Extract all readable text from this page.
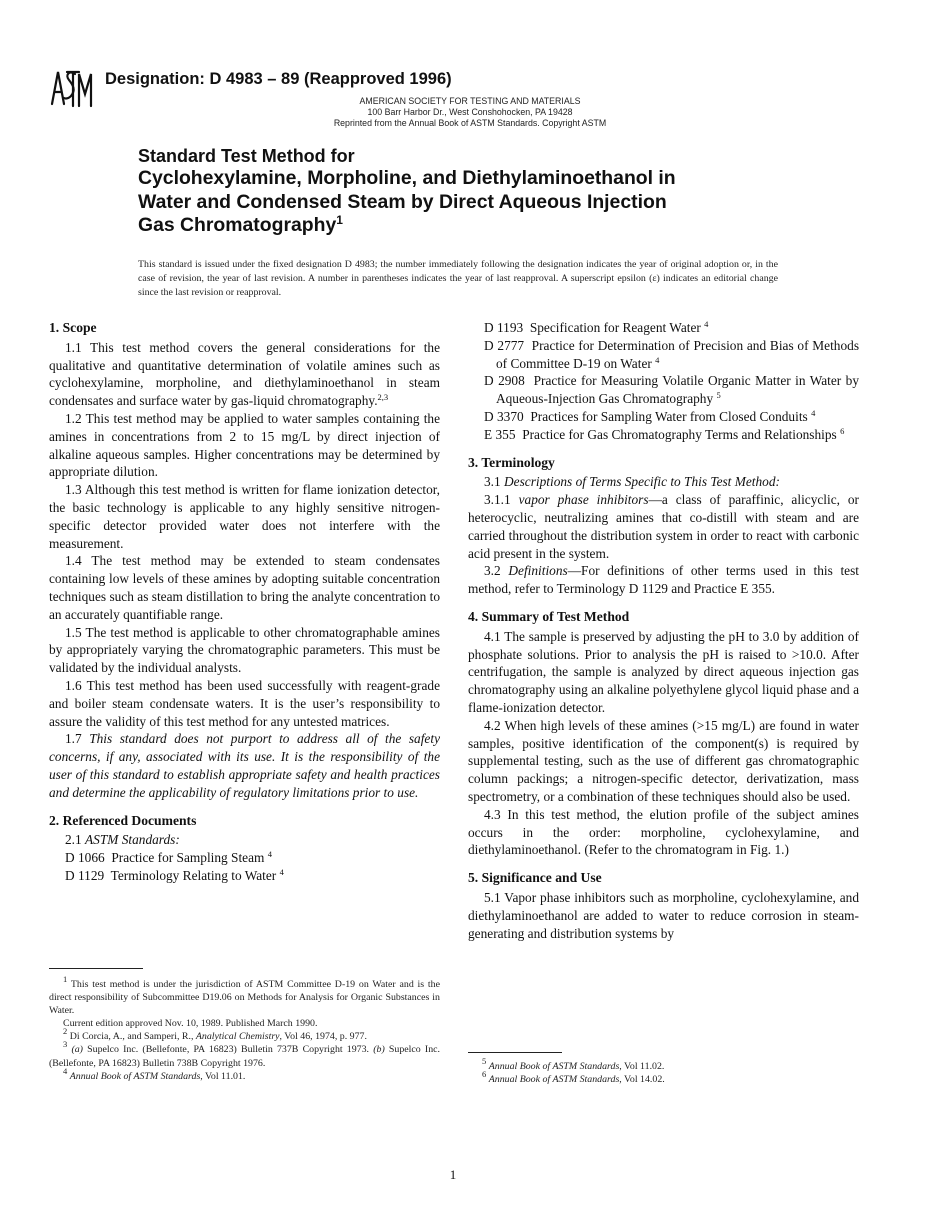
Designation: D 4983 – 89 (Reapproved 1996)
AMERICAN SOCIETY FOR TESTING AND MATERIALS
100 Barr Harbor Dr., West Conshohocken, PA 19428
Reprinted from the Annual Book of ASTM Standards. Copyright ASTM
Standard Test Method for
Cyclohexylamine, Morpholine, and Diethylaminoethanol in
Water and Condensed Steam by Direct Aqueous Injection
Gas Chromatography$^1$
This standard is issued under the fixed designation D 4983; the number immediately following the designation indicates the year of original adoption or, in the case of revision, the year of last revision. A number in parentheses indicates the year of last reapproval. A superscript epsilon (ε) indicates an editorial change since the last revision or reapproval.
1. Scope

1.1 This test method covers the general considerations for the qualitative and quantitative determination of volatile amines such as cyclohexylamine, morpholine, and diethylaminoethanol in steam condensates and surface water by gas-liquid chromatography.$^{2,3}$

1.2 This test method may be applied to water samples containing the amines in concentrations from 2 to 15 mg/L by direct injection of alkaline aqueous samples. Higher concentrations may be determined by appropriate dilution.

1.3 Although this test method is written for flame ionization detector, the basic technology is applicable to any highly sensitive nitrogen-specific detector provided water does not interfere with the measurement.

1.4 The test method may be extended to steam condensates containing low levels of these amines by adopting suitable concentration techniques such as steam distillation to bring the analyte concentration to an accurately quantifiable range.

1.5 The test method is applicable to other chromatographable amines by appropriately varying the chromatographic parameters. This must be validated by the individual analysts.

1.6 This test method has been used successfully with reagent-grade and boiler steam condensate waters. It is the user’s responsibility to assure the validity of this test method for any untested matrices.

1.7 This standard does not purport to address all of the safety concerns, if any, associated with its use. It is the responsibility of the user of this standard to establish appropriate safety and health practices and determine the applicability of regulatory limitations prior to use.

2. Referenced Documents

2.1 ASTM Standards:

D 1066 Practice for Sampling Steam $^4$
D 1129 Terminology Relating to Water $^4$

$^1$ This test method is under the jurisdiction of ASTM Committee D-19 on Water and is the direct responsibility of Subcommittee D19.06 on Methods for Analysis for Organic Substances in Water.

Current edition approved Nov. 10, 1989. Published March 1990.

$^2$ Di Corcia, A., and Samperi, R., Analytical Chemistry, Vol 46, 1974, p. 977.

$^3$ (a) Supelco Inc. (Bellefonte, PA 16823) Bulletin 737B Copyright 1973. (b) Supelco Inc. (Bellefonte, PA 16823) Bulletin 738B Copyright 1976.

$^4$ Annual Book of ASTM Standards, Vol 11.01.

D 1193 Specification for Reagent Water $^4$
D 2777 Practice for Determination of Precision and Bias of Methods of Committee D-19 on Water $^4$
D 2908 Practice for Measuring Volatile Organic Matter in Water by Aqueous-Injection Gas Chromatography $^5$
D 3370 Practices for Sampling Water from Closed Conduits $^4$
E 355 Practice for Gas Chromatography Terms and Relationships $^6$
3. Terminology

3.1 Descriptions of Terms Specific to This Test Method:

3.1.1 vapor phase inhibitors—a class of paraffinic, alicyclic, or heterocyclic, neutralizing amines that co-distill with steam and are carried throughout the distribution system in order to react with carbonic acid present in the system.

3.2 Definitions—For definitions of other terms used in this test method, refer to Terminology D 1129 and Practice E 355.

4. Summary of Test Method

4.1 The sample is preserved by adjusting the pH to 3.0 by addition of phosphate solutions. Prior to analysis the pH is raised to >10.0. After centrifugation, the sample is analyzed by direct aqueous injection gas chromatography using an alkaline polyethylene glycol liquid phase and a flame-ionization detector.

4.2 When high levels of these amines (>15 mg/L) are found in water samples, positive identification of the component(s) is required by supplemental testing, such as the use of different gas chromatographic column packings; a nitrogen-specific detector, derivatization, mass spectrometry, or a combination of these techniques should also be used.

4.3 In this test method, the elution profile of the subject amines occurs in the order: morpholine, cyclohexylamine, and diethylaminoethanol. (Refer to the chromatogram in Fig. 1.)

5. Significance and Use

5.1 Vapor phase inhibitors such as morpholine, cyclohexylamine, and diethylaminoethanol are added to water to reduce corrosion in steam-generating and distribution systems by

$^5$ Annual Book of ASTM Standards, Vol 11.02.

$^6$ Annual Book of ASTM Standards, Vol 14.02.

1
